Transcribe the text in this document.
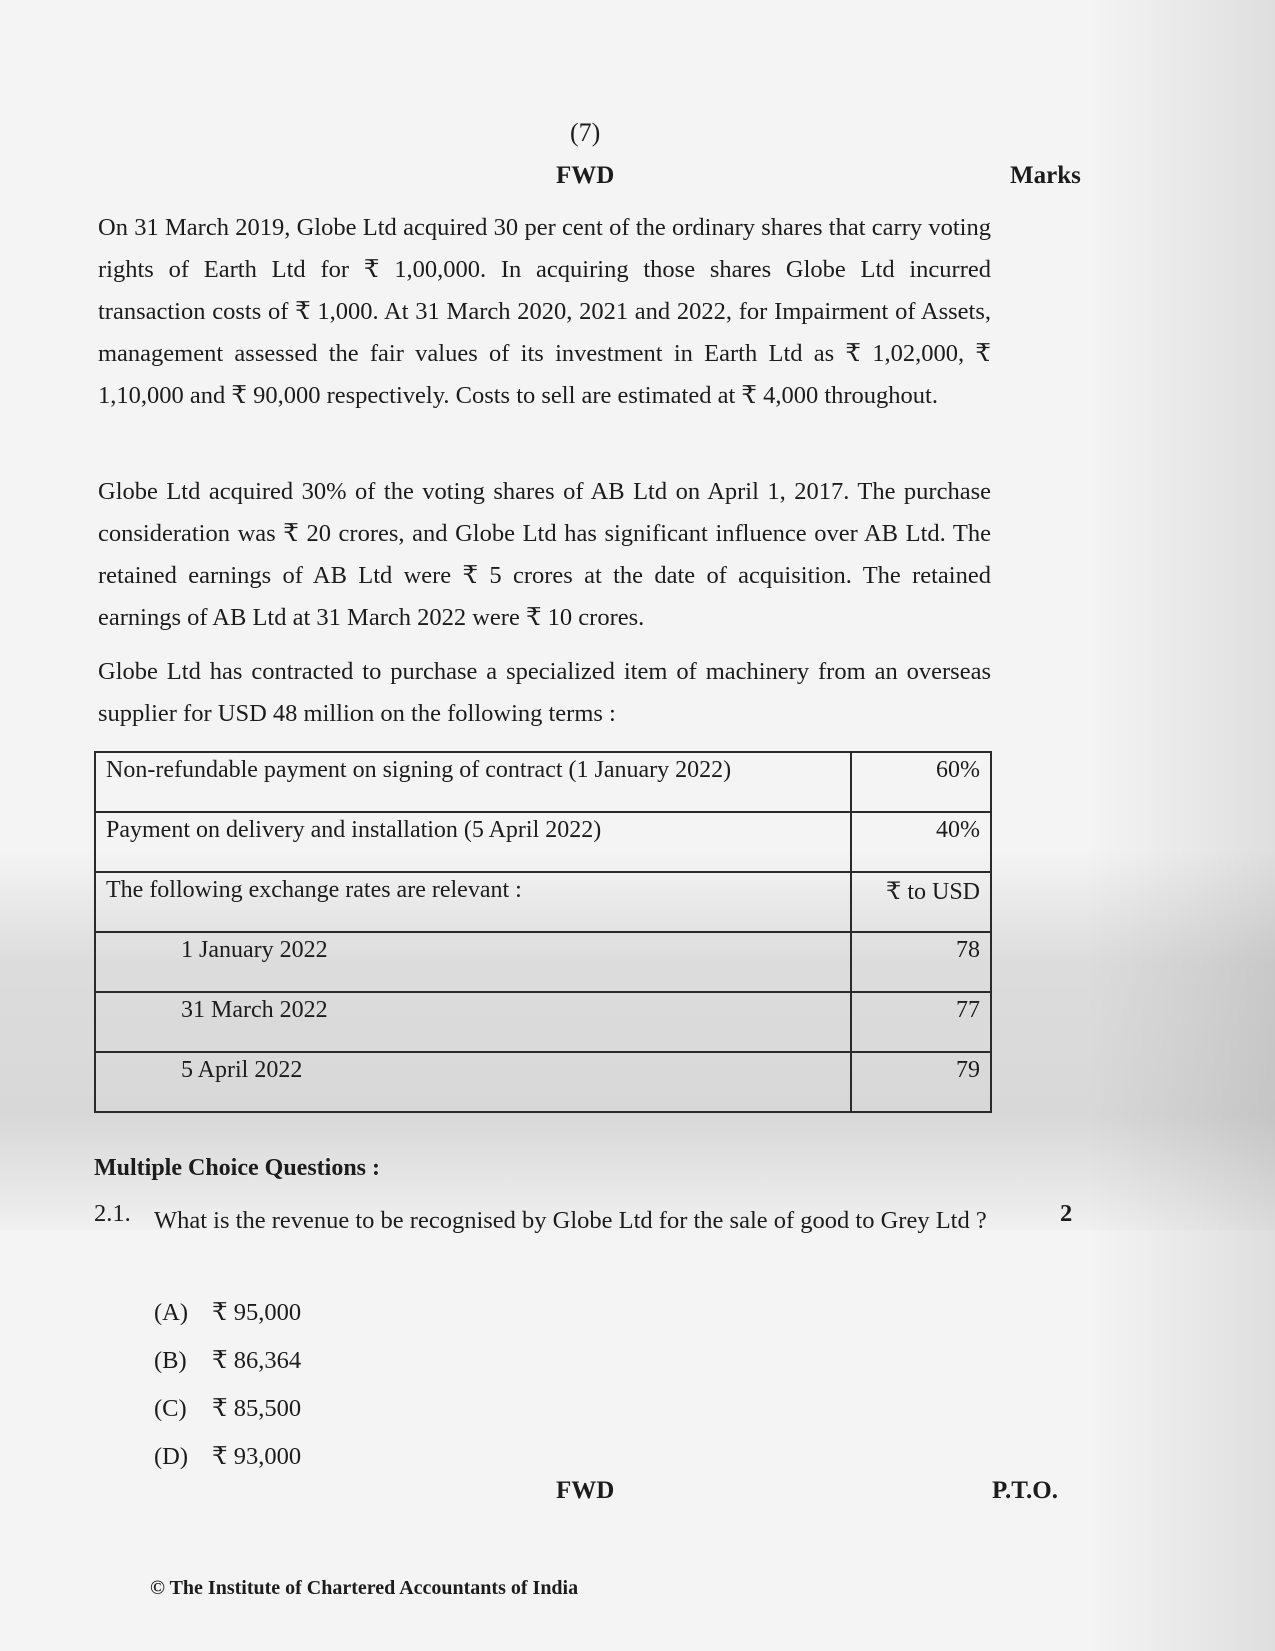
(7)
FWD	Marks
On 31 March 2019, Globe Ltd acquired 30 per cent of the ordinary shares that carry voting rights of Earth Ltd for ₹ 1,00,000. In acquiring those shares Globe Ltd incurred transaction costs of ₹ 1,000. At 31 March 2020, 2021 and 2022, for Impairment of Assets, management assessed the fair values of its investment in Earth Ltd as ₹ 1,02,000, ₹ 1,10,000 and ₹ 90,000 respectively. Costs to sell are estimated at ₹ 4,000 throughout.
Globe Ltd acquired 30% of the voting shares of AB Ltd on April 1, 2017. The purchase consideration was ₹ 20 crores, and Globe Ltd has significant influence over AB Ltd. The retained earnings of AB Ltd were ₹ 5 crores at the date of acquisition. The retained earnings of AB Ltd at 31 March 2022 were ₹ 10 crores.
Globe Ltd has contracted to purchase a specialized item of machinery from an overseas supplier for USD 48 million on the following terms :
Non-refundable payment on signing of contract (1 January 2022)	60%
Payment on delivery and installation (5 April 2022)	40%
The following exchange rates are relevant :	₹ to USD
1 January 2022	78
31 March 2022	77
5 April 2022	79
Multiple Choice Questions :
2.1. What is the revenue to be recognised by Globe Ltd for the sale of good to Grey Ltd ?	2
(A) ₹ 95,000
(B) ₹ 86,364
(C) ₹ 85,500
(D) ₹ 93,000
FWD	P.T.O.
© The Institute of Chartered Accountants of India
